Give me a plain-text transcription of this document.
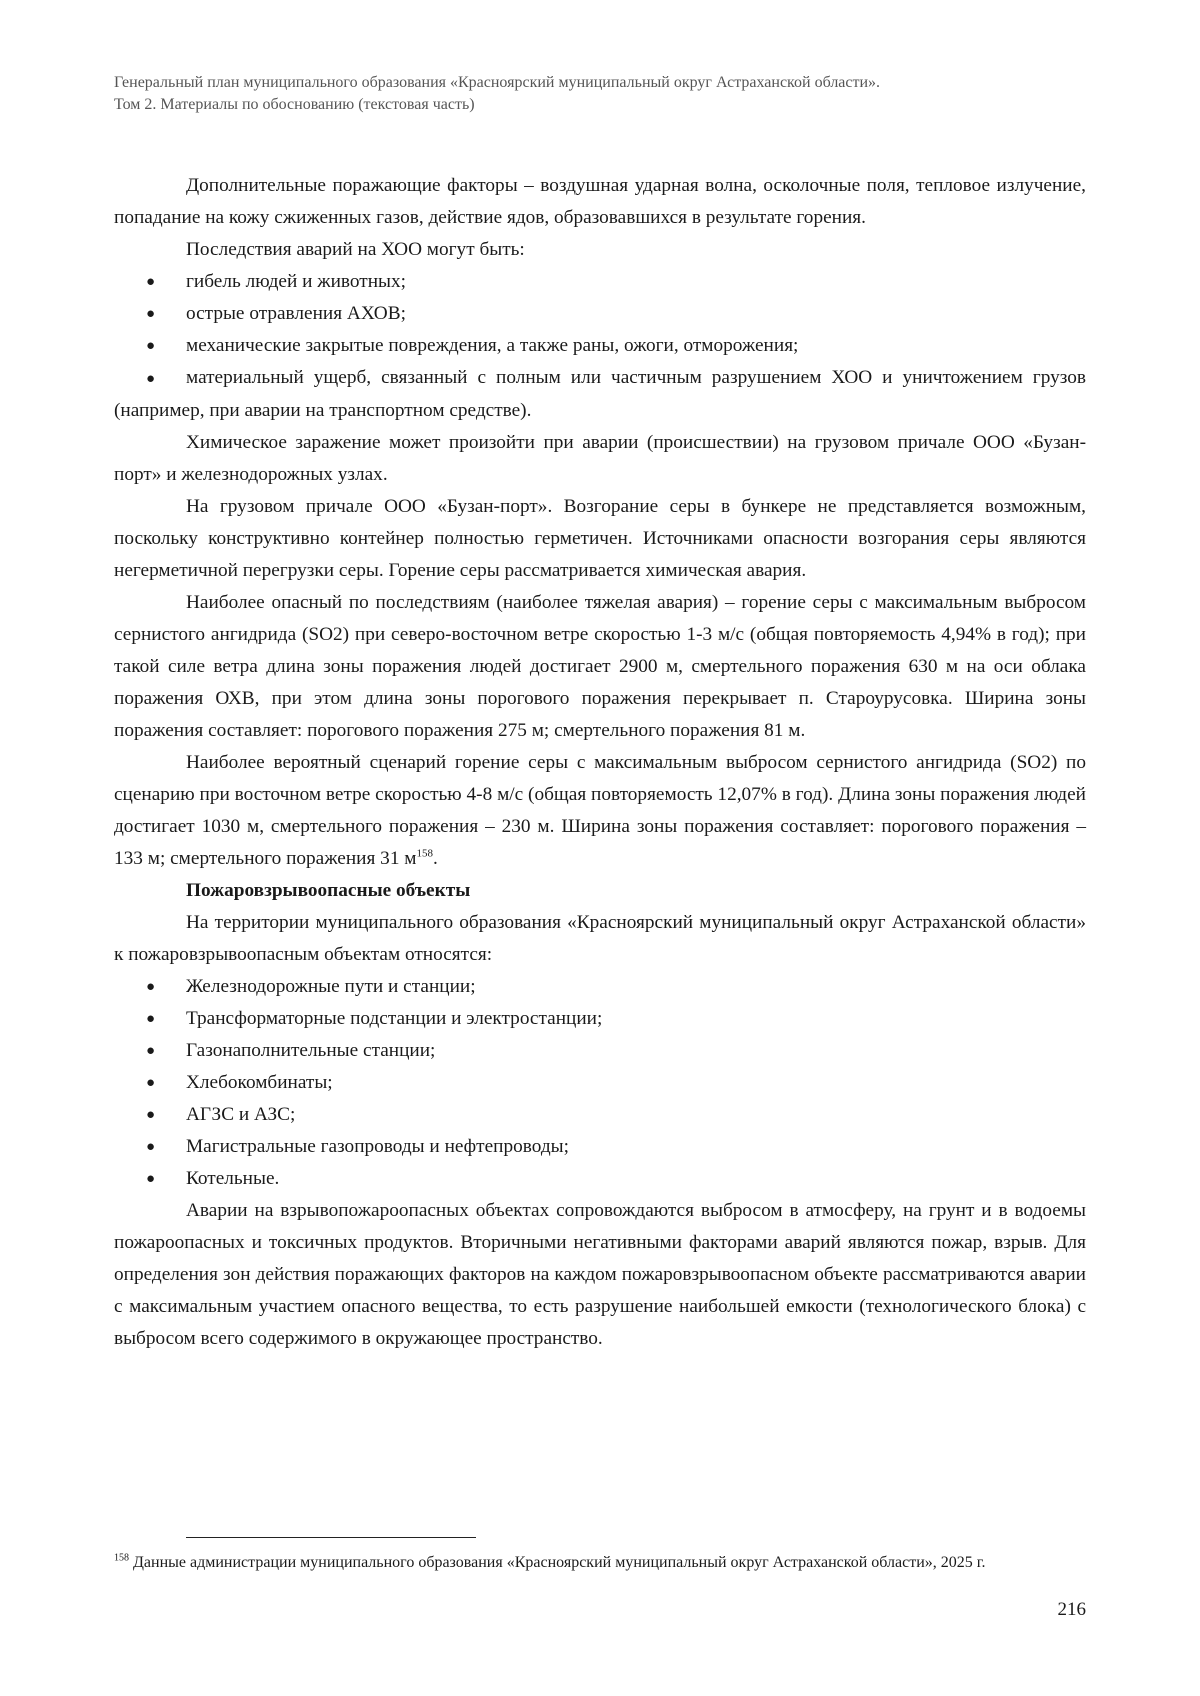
Генеральный план муниципального образования «Красноярский муниципальный округ Астраханской области».
Том 2. Материалы по обоснованию (текстовая часть)

Дополнительные поражающие факторы – воздушная ударная волна, осколочные поля, тепловое излучение, попадание на кожу сжиженных газов, действие ядов, образовавшихся в результате горения.

Последствия аварий на ХОО могут быть:

● гибель людей и животных;
● острые отравления АХОВ;
● механические закрытые повреждения, а также раны, ожоги, отморожения;
● материальный ущерб, связанный с полным или частичным разрушением ХОО и уничтожением грузов (например, при аварии на транспортном средстве).

Химическое заражение может произойти при аварии (происшествии) на грузовом причале ООО «Бузан-порт» и железнодорожных узлах.

На грузовом причале ООО «Бузан-порт». Возгорание серы в бункере не представляется возможным, поскольку конструктивно контейнер полностью герметичен. Источниками опасности возгорания серы являются негерметичной перегрузки серы. Горение серы рассматривается химическая авария.

Наиболее опасный по последствиям (наиболее тяжелая авария) – горение серы с максимальным выбросом сернистого ангидрида (SO2) при северо-восточном ветре скоростью 1-3 м/с (общая повторяемость 4,94% в год); при такой силе ветра длина зоны поражения людей достигает 2900 м, смертельного поражения 630 м на оси облака поражения ОХВ, при этом длина зоны порогового поражения перекрывает п. Староурусовка. Ширина зоны поражения составляет: порогового поражения 275 м; смертельного поражения 81 м.

Наиболее вероятный сценарий горение серы с максимальным выбросом сернистого ангидрида (SO2) по сценарию при восточном ветре скоростью 4-8 м/с (общая повторяемость 12,07% в год). Длина зоны поражения людей достигает 1030 м, смертельного поражения – 230 м. Ширина зоны поражения составляет: порогового поражения – 133 м; смертельного поражения 31 $м^{158}$.

Пожаровзрывоопасные объекты

На территории муниципального образования «Красноярский муниципальный округ Астраханской области» к пожаровзрывоопасным объектам относятся:

● Железнодорожные пути и станции;
● Трансформаторные подстанции и электростанции;
● Газонаполнительные станции;
● Хлебокомбинаты;
● АГЗС и АЗС;
● Магистральные газопроводы и нефтепроводы;
● Котельные.

Аварии на взрывопожароопасных объектах сопровождаются выбросом в атмосферу, на грунт и в водоемы пожароопасных и токсичных продуктов. Вторичными негативными факторами аварий являются пожар, взрыв. Для определения зон действия поражающих факторов на каждом пожаровзрывоопасном объекте рассматриваются аварии с максимальным участием опасного вещества, то есть разрушение наибольшей емкости (технологического блока) с выбросом всего содержимого в окружающее пространство.

$^{158}$ Данные администрации муниципального образования «Красноярский муниципальный округ Астраханской области», 2025 г.
216
